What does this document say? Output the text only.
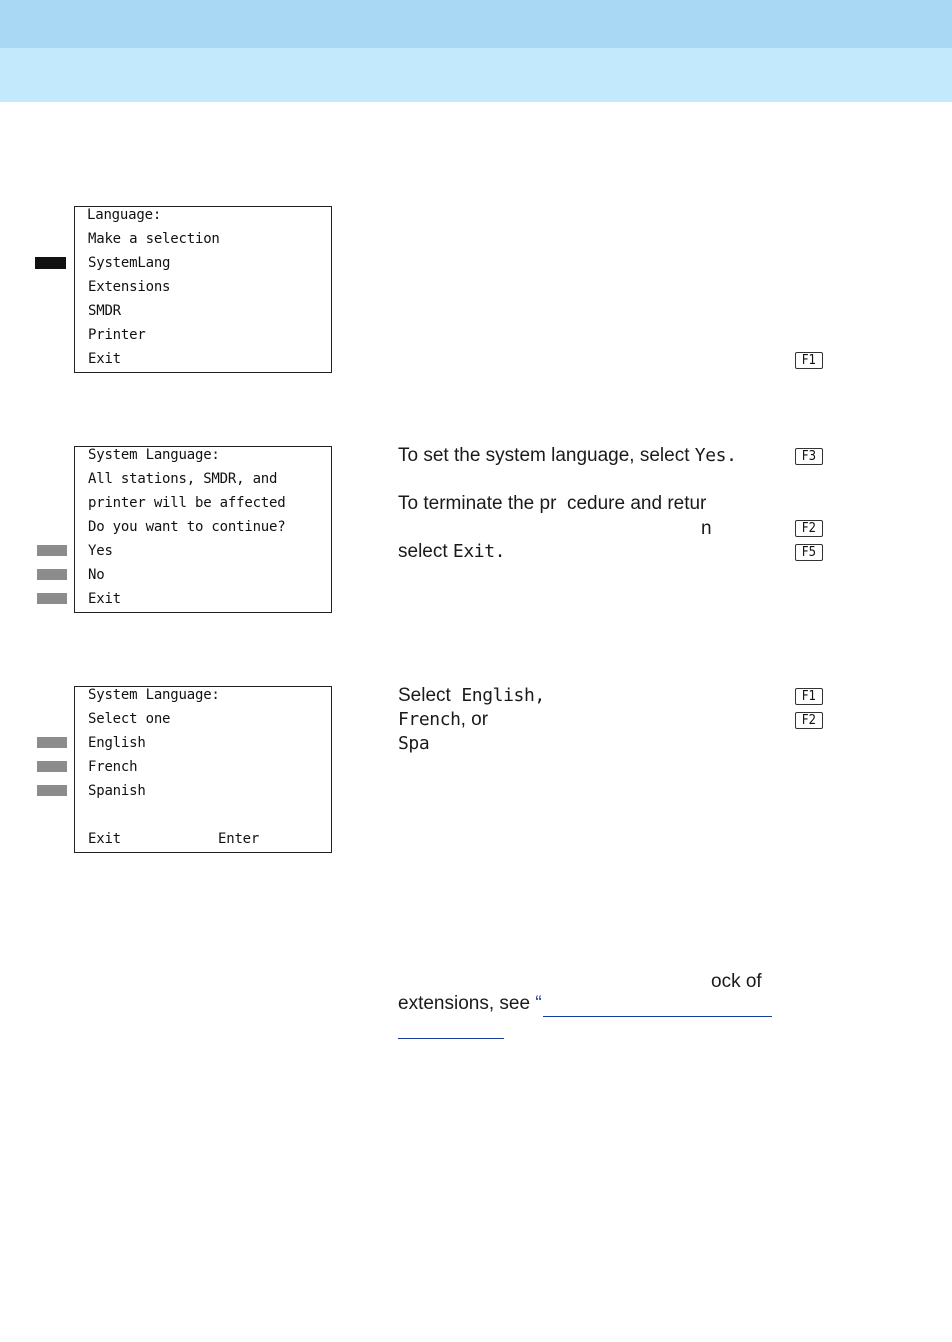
Language:
Make a selection
SystemLang
Extensions
SMDR
Printer
Exit	F1
System Language:
All stations, SMDR, and
printer will be affected
Do you want to continue?
Yes
No
Exit
To set the system language, select Yes.	F3
To terminate the pr  cedure and retur
n	F2
select Exit.	F5
System Language:
Select one
English
French
Spanish
Exit	Enter
Select  English,	F1
French, or	F2
Spa
ock of
extensions, see “
